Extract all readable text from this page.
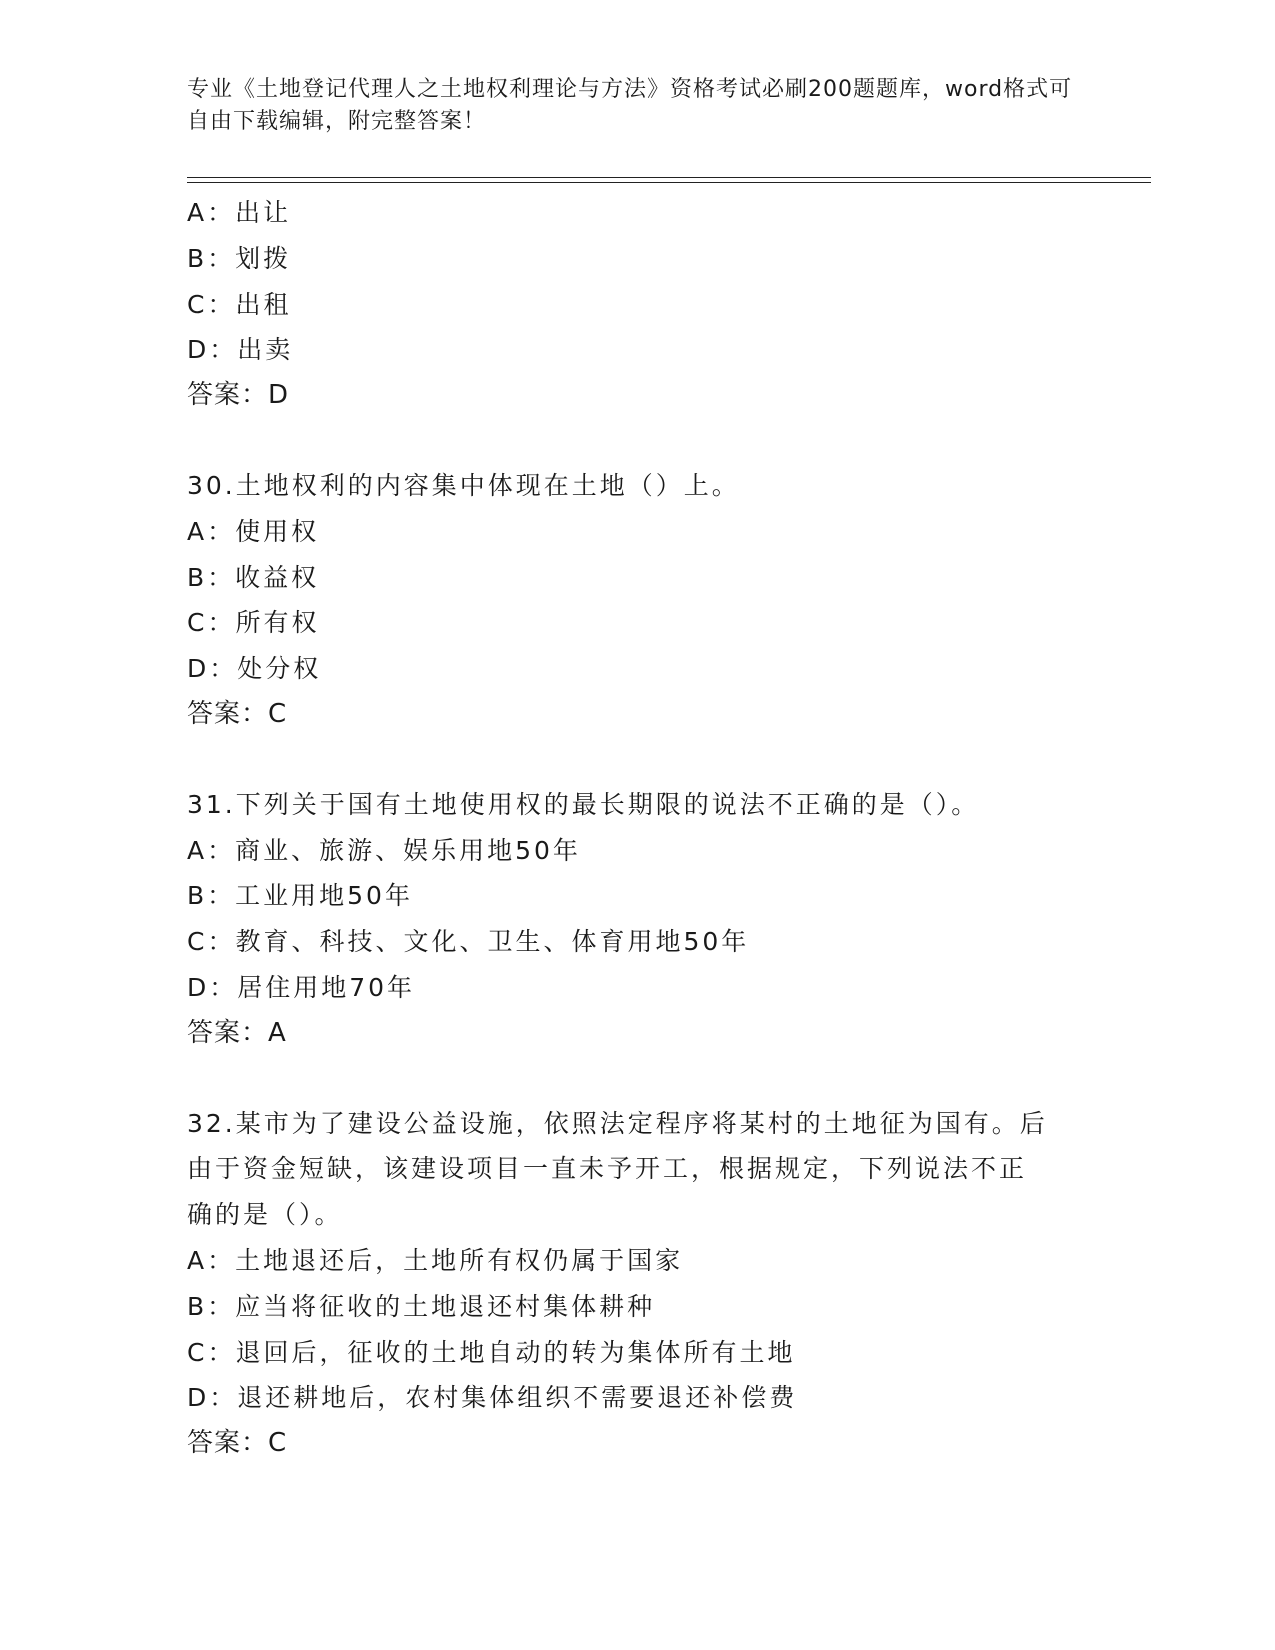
专业《土地登记代理人之土地权利理论与方法》资格考试必刷200题题库，word格式可自由下载编辑，附完整答案！
A：出让
B：划拨
C：出租
D：出卖
答案：D
30.土地权利的内容集中体现在土地（）上。
A：使用权
B：收益权
C：所有权
D：处分权
答案：C
31.下列关于国有土地使用权的最长期限的说法不正确的是（）。
A：商业、旅游、娱乐用地50年
B：工业用地50年
C：教育、科技、文化、卫生、体育用地50年
D：居住用地70年
答案：A
32.某市为了建设公益设施，依照法定程序将某村的土地征为国有。后
由于资金短缺，该建设项目一直未予开工，根据规定，下列说法不正
确的是（）。
A：土地退还后，土地所有权仍属于国家
B：应当将征收的土地退还村集体耕种
C：退回后，征收的土地自动的转为集体所有土地
D：退还耕地后，农村集体组织不需要退还补偿费
答案：C
